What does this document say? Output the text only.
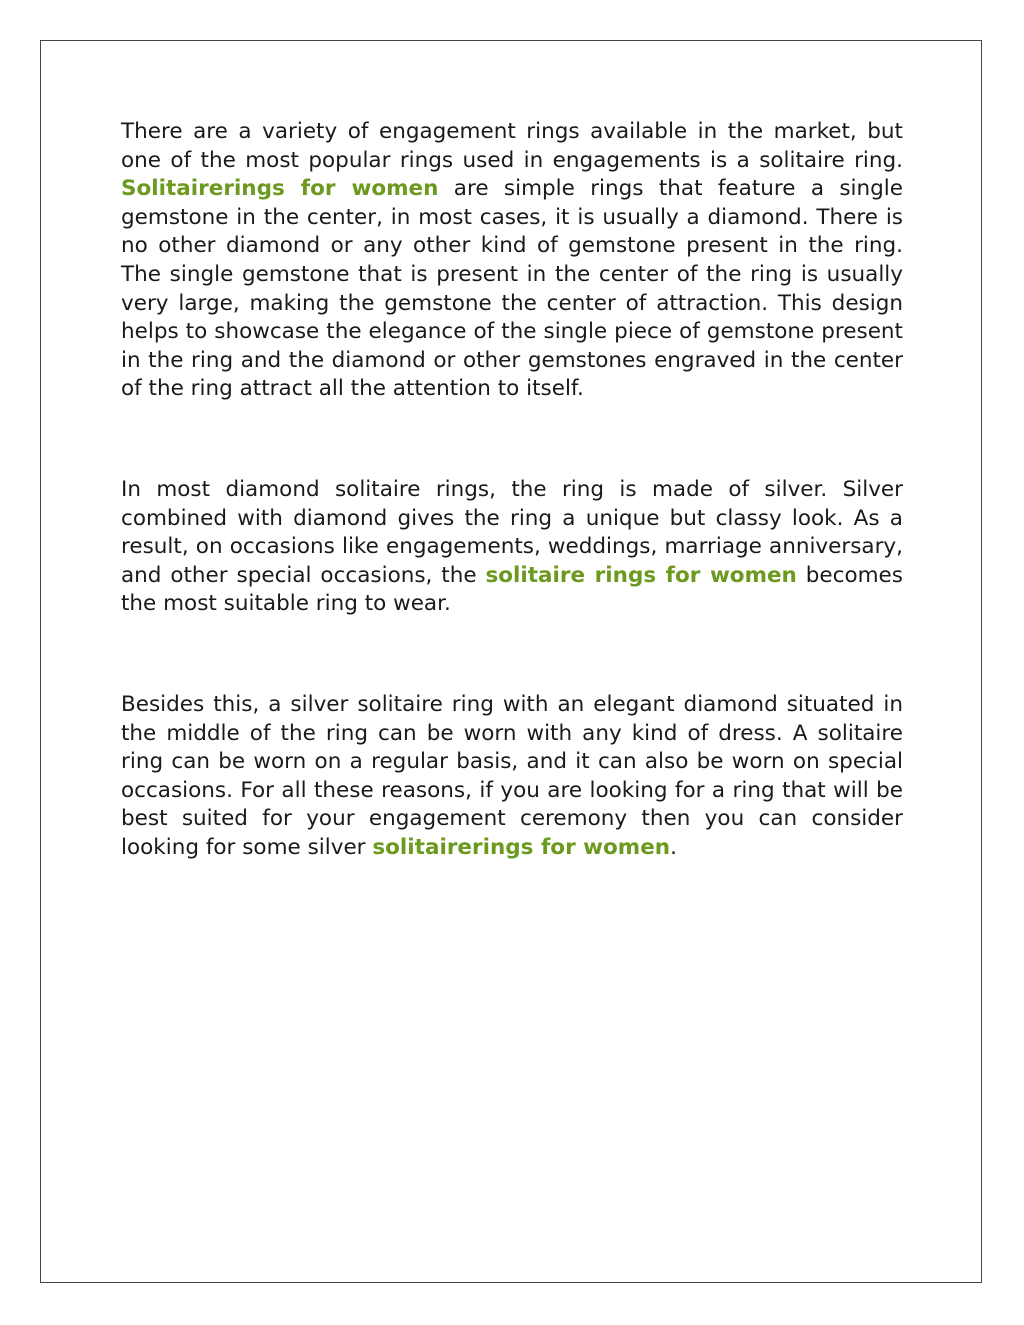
There are a variety of engagement rings available in the market, but one of the most popular rings used in engagements is a solitaire ring. Solitairerings for women are simple rings that feature a single gemstone in the center, in most cases, it is usually a diamond. There is no other diamond or any other kind of gemstone present in the ring. The single gemstone that is present in the center of the ring is usually very large, making the gemstone the center of attraction. This design helps to showcase the elegance of the single piece of gemstone present in the ring and the diamond or other gemstones engraved in the center of the ring attract all the attention to itself.

In most diamond solitaire rings, the ring is made of silver. Silver combined with diamond gives the ring a unique but classy look. As a result, on occasions like engagements, weddings, marriage anniversary, and other special occasions, the solitaire rings for women becomes the most suitable ring to wear.

Besides this, a silver solitaire ring with an elegant diamond situated in the middle of the ring can be worn with any kind of dress. A solitaire ring can be worn on a regular basis, and it can also be worn on special occasions. For all these reasons, if you are looking for a ring that will be best suited for your engagement ceremony then you can consider looking for some silver solitairerings for women.
